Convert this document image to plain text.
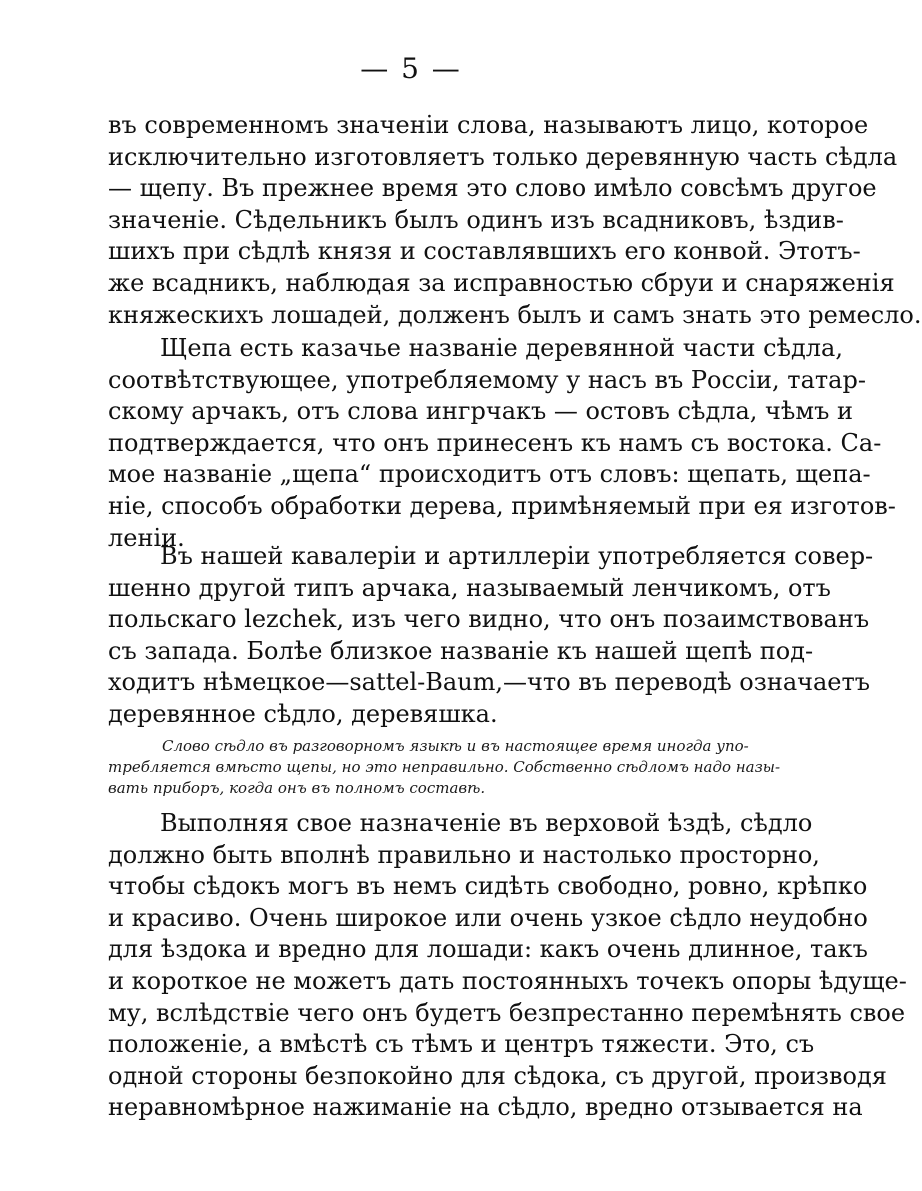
— 5 —
въ современномъ значенiи слова, называютъ лицо, которое
исключительно изготовляетъ только деревянную часть сѣдла
— щепу. Въ прежнее время это слово имѣло совсѣмъ другое
значенiе. Сѣдельникъ былъ одинъ изъ всадниковъ, ѣздив-
шихъ при сѣдлѣ князя и составлявшихъ его конвой. Этотъ-
же всадникъ, наблюдая за исправностью сбруи и снаряженiя
княжескихъ лошадей, долженъ былъ и самъ знать это ремесло.
Щепа есть казачье названiе деревянной части сѣдла,
соотвѣтствующее, употребляемому у насъ въ Россiи, татар-
скому арчакъ, отъ слова ингрчакъ — остовъ сѣдла, чѣмъ и
подтверждается, что онъ принесенъ къ намъ съ востока. Са-
мое названiе „щепа“ происходитъ отъ словъ: щепать, щепа-
нiе, способъ обработки дерева, примѣняемый при ея изготов-
ленiи.
Въ нашей кавалерiи и артиллерiи употребляется совер-
шенно другой типъ арчака, называемый ленчикомъ, отъ
польскаго lezchek, изъ чего видно, что онъ позаимствованъ
съ запада. Болѣе близкое названiе къ нашей щепѣ под-
ходитъ нѣмецкое—sattel-Baum,—что въ переводѣ означаетъ
деревянное сѣдло, деревяшка.
Слово сѣдло въ разговорномъ языкѣ и въ настоящее время иногда упо-
требляется вмѣсто щепы, но это неправильно. Собственно сѣдломъ надо назы-
вать приборъ, когда онъ въ полномъ составѣ.
Выполняя свое назначенiе въ верховой ѣздѣ, сѣдло
должно быть вполнѣ правильно и настолько просторно,
чтобы сѣдокъ могъ въ немъ сидѣть свободно, ровно, крѣпко
и красиво. Очень широкое или очень узкое сѣдло неудобно
для ѣздока и вредно для лошади: какъ очень длинное, такъ
и короткое не можетъ дать постоянныхъ точекъ опоры ѣдуще-
му, вслѣдствiе чего онъ будетъ безпрестанно перемѣнять свое
положенiе, а вмѣстѣ съ тѣмъ и центръ тяжести. Это, съ
одной стороны безпокойно для сѣдока, съ другой, производя
неравномѣрное нажиманiе на сѣдло, вредно отзывается на
